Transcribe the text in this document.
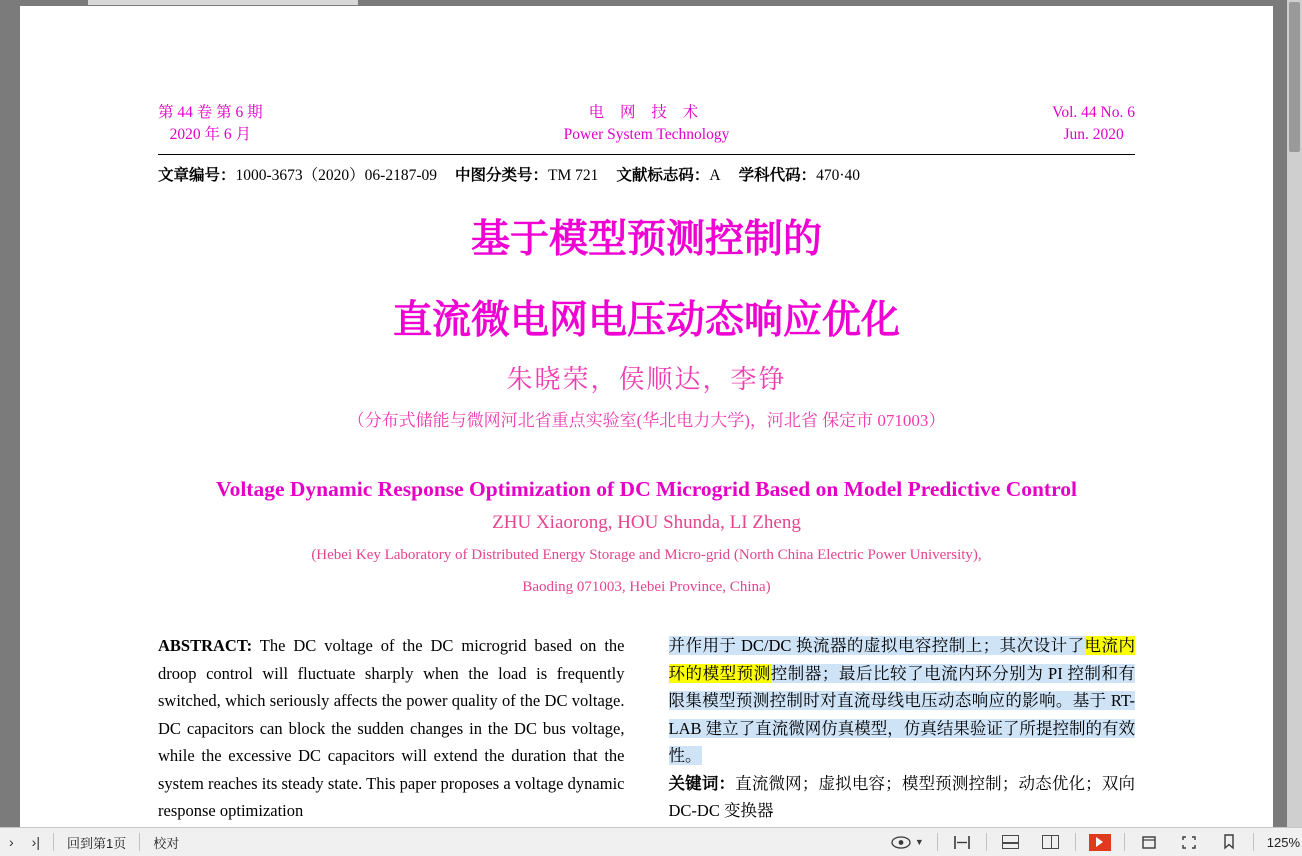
第 44 卷 第 6 期
2020 年 6 月
电 网 技 术
Power System Technology
Vol. 44 No. 6
Jun. 2020
文章编号：1000-3673（2020）06-2187-09 中图分类号：TM 721 文献标志码：A 学科代码：470·40
基于模型预测控制的
直流微电网电压动态响应优化
朱晓荣，侯顺达，李铮
（分布式储能与微网河北省重点实验室(华北电力大学)，河北省 保定市 071003）
Voltage Dynamic Response Optimization of DC Microgrid Based on Model Predictive Control
ZHU Xiaorong, HOU Shunda, LI Zheng
(Hebei Key Laboratory of Distributed Energy Storage and Micro-grid (North China Electric Power University),
Baoding 071003, Hebei Province, China)

ABSTRACT: The DC voltage of the DC microgrid based on the droop control will fluctuate sharply when the load is frequently switched, which seriously affects the power quality of the DC voltage. DC capacitors can block the sudden changes in the DC bus voltage, while the excessive DC capacitors will extend the duration that the system reaches its steady state. This paper proposes a voltage dynamic response optimization

并作用于 DC/DC 换流器的虚拟电容控制上；其次设计了电流内环的模型预测控制器；最后比较了电流内环分别为 PI 控制和有限集模型预测控制时对直流母线电压动态响应的影响。基于 RT-LAB 建立了直流微网仿真模型，仿真结果验证了所提控制的有效性。

关键词：直流微网；虚拟电容；模型预测控制；动态优化；双向 DC-DC 变换器

› ›|	回到第1页	校对	▼	125%
